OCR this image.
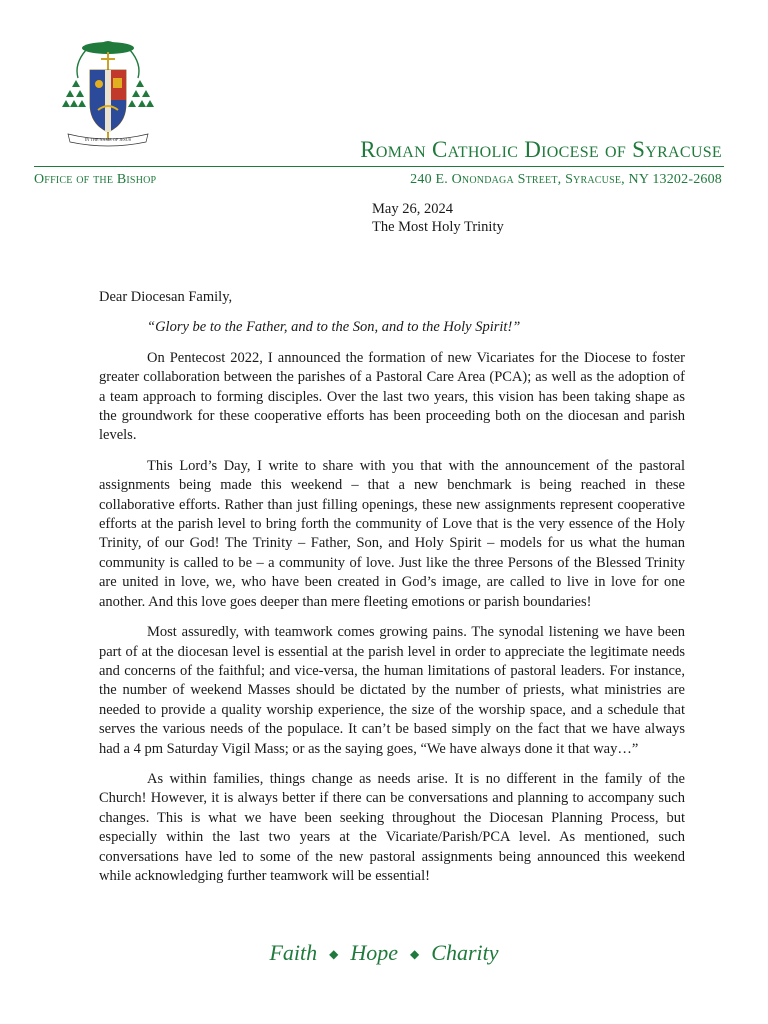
IN THE NAME OF JESUS	Roman Catholic Diocese of Syracuse
Office of the Bishop	240 E. Onondaga Street, Syracuse, NY 13202-2608
May 26, 2024
The Most Holy Trinity

Dear Diocesan Family,

“Glory be to the Father, and to the Son, and to the Holy Spirit!”

On Pentecost 2022, I announced the formation of new Vicariates for the Diocese to foster greater collaboration between the parishes of a Pastoral Care Area (PCA); as well as the adoption of a team approach to forming disciples. Over the last two years, this vision has been taking shape as the groundwork for these cooperative efforts has been proceeding both on the diocesan and parish levels.

This Lord’s Day, I write to share with you that with the announcement of the pastoral assignments being made this weekend – that a new benchmark is being reached in these collaborative efforts. Rather than just filling openings, these new assignments represent cooperative efforts at the parish level to bring forth the community of Love that is the very essence of the Holy Trinity, of our God! The Trinity – Father, Son, and Holy Spirit – models for us what the human community is called to be – a community of love. Just like the three Persons of the Blessed Trinity are united in love, we, who have been created in God’s image, are called to live in love for one another. And this love goes deeper than mere fleeting emotions or parish boundaries!

Most assuredly, with teamwork comes growing pains. The synodal listening we have been part of at the diocesan level is essential at the parish level in order to appreciate the legitimate needs and concerns of the faithful; and vice-versa, the human limitations of pastoral leaders. For instance, the number of weekend Masses should be dictated by the number of priests, what ministries are needed to provide a quality worship experience, the size of the worship space, and a schedule that serves the various needs of the populace. It can’t be based simply on the fact that we have always had a 4 pm Saturday Vigil Mass; or as the saying goes, “We have always done it that way…”

As within families, things change as needs arise. It is no different in the family of the Church! However, it is always better if there can be conversations and planning to accompany such changes. This is what we have been seeking throughout the Diocesan Planning Process, but especially within the last two years at the Vicariate/Parish/PCA level. As mentioned, such conversations have led to some of the new pastoral assignments being announced this weekend while acknowledging further teamwork will be essential!

Faith ◆ Hope ◆ Charity
